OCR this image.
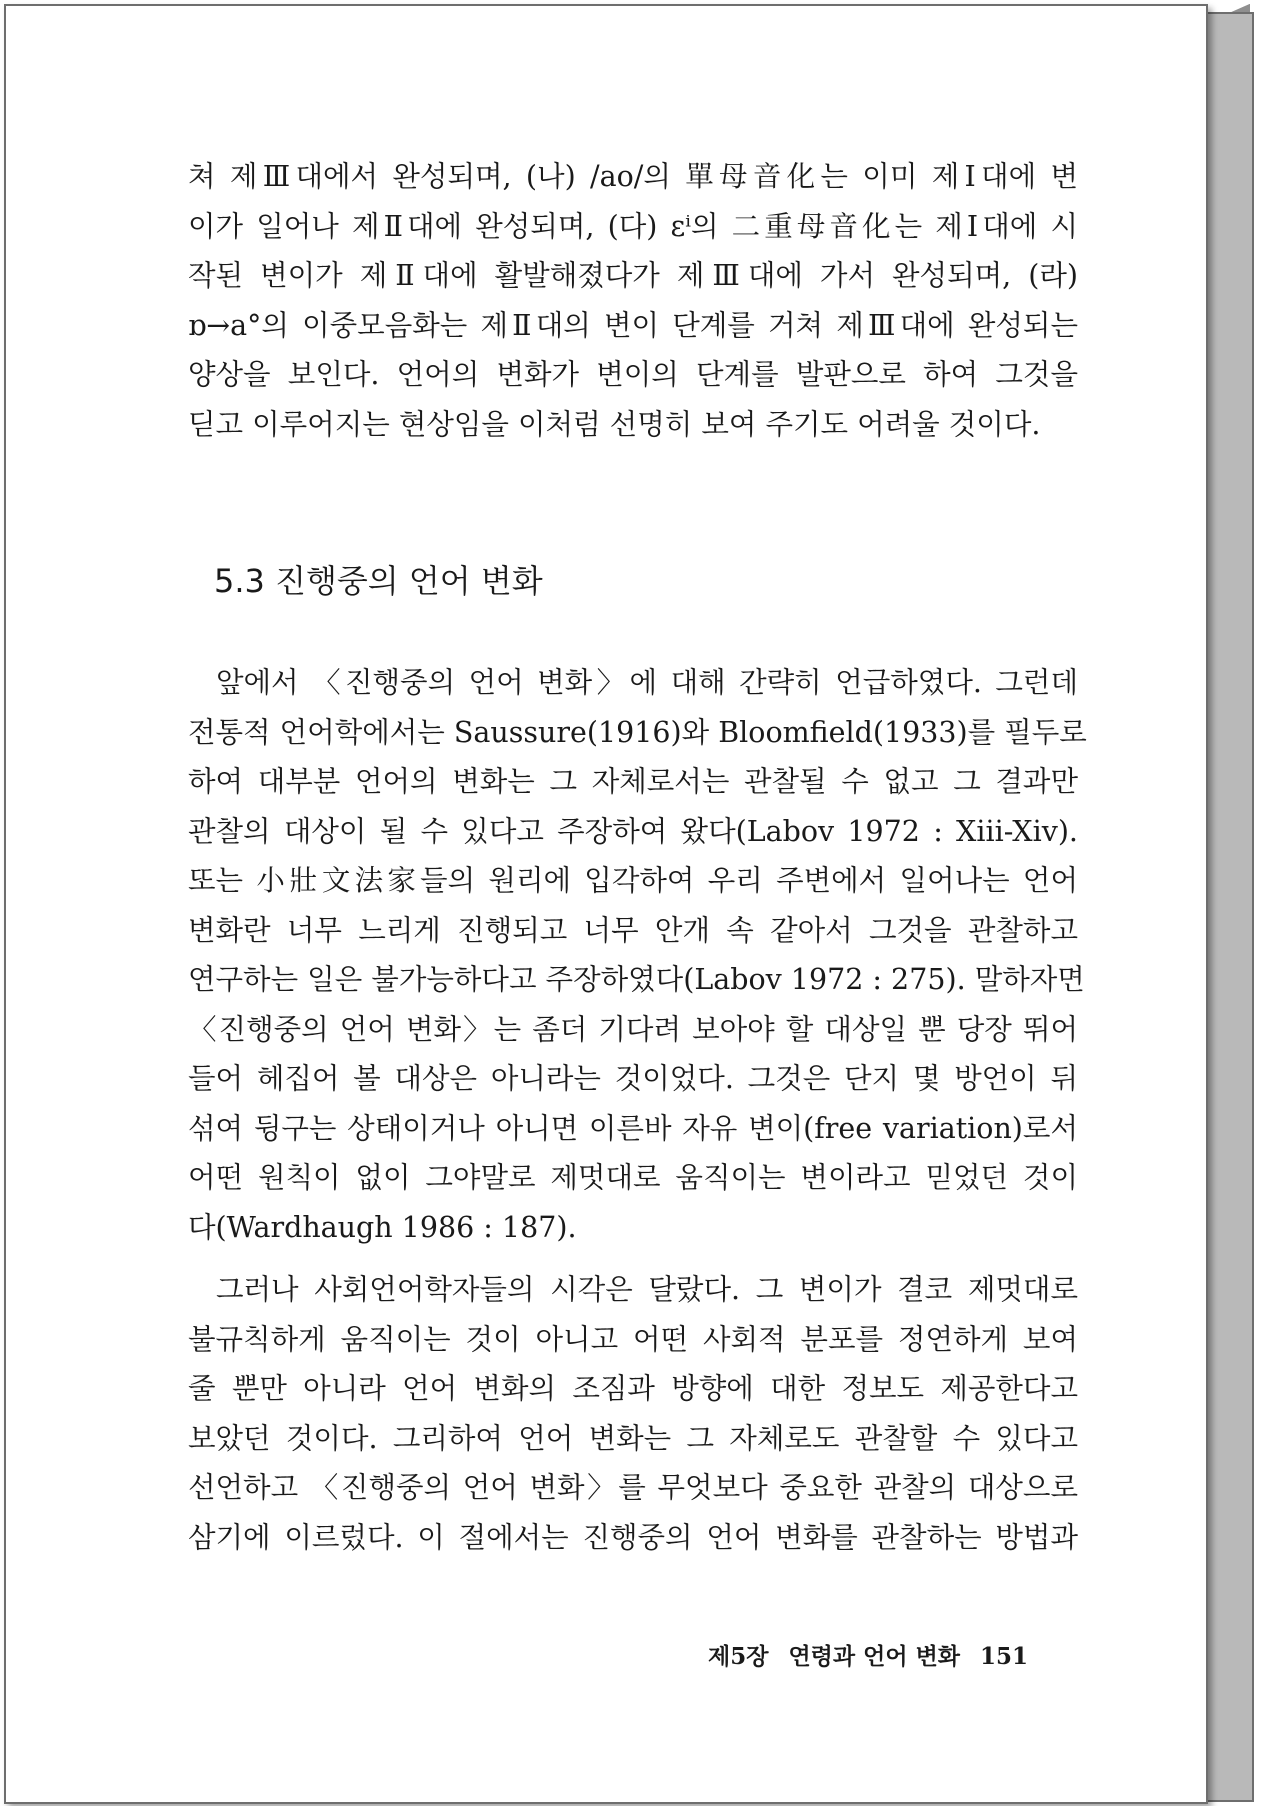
쳐 제Ⅲ대에서 완성되며, (나) /ao/의 單母音化는 이미 제Ⅰ대에 변
이가 일어나 제Ⅱ대에 완성되며, (다) ɛⁱ의 二重母音化는 제Ⅰ대에 시
작된 변이가 제Ⅱ대에 활발해졌다가 제Ⅲ대에 가서 완성되며, (라)
ɒ→a°의 이중모음화는 제Ⅱ대의 변이 단계를 거쳐 제Ⅲ대에 완성되는
양상을 보인다. 언어의 변화가 변이의 단계를 발판으로 하여 그것을
딛고 이루어지는 현상임을 이처럼 선명히 보여 주기도 어려울 것이다.
5.3 진행중의 언어 변화
앞에서 〈진행중의 언어 변화〉에 대해 간략히 언급하였다. 그런데
전통적 언어학에서는 Saussure(1916)와 Bloomfield(1933)를 필두로
하여 대부분 언어의 변화는 그 자체로서는 관찰될 수 없고 그 결과만
관찰의 대상이 될 수 있다고 주장하여 왔다(Labov 1972 : Xiii-Xiv).
또는 小壯文法家들의 원리에 입각하여 우리 주변에서 일어나는 언어
변화란 너무 느리게 진행되고 너무 안개 속 같아서 그것을 관찰하고
연구하는 일은 불가능하다고 주장하였다(Labov 1972 : 275). 말하자면
〈진행중의 언어 변화〉는 좀더 기다려 보아야 할 대상일 뿐 당장 뛰어
들어 헤집어 볼 대상은 아니라는 것이었다. 그것은 단지 몇 방언이 뒤
섞여 뒹구는 상태이거나 아니면 이른바 자유 변이(free variation)로서
어떤 원칙이 없이 그야말로 제멋대로 움직이는 변이라고 믿었던 것이
다(Wardhaugh 1986 : 187).
그러나 사회언어학자들의 시각은 달랐다. 그 변이가 결코 제멋대로
불규칙하게 움직이는 것이 아니고 어떤 사회적 분포를 정연하게 보여
줄 뿐만 아니라 언어 변화의 조짐과 방향에 대한 정보도 제공한다고
보았던 것이다. 그리하여 언어 변화는 그 자체로도 관찰할 수 있다고
선언하고 〈진행중의 언어 변화〉를 무엇보다 중요한 관찰의 대상으로
삼기에 이르렀다. 이 절에서는 진행중의 언어 변화를 관찰하는 방법과
제5장 연령과 언어 변화 151
